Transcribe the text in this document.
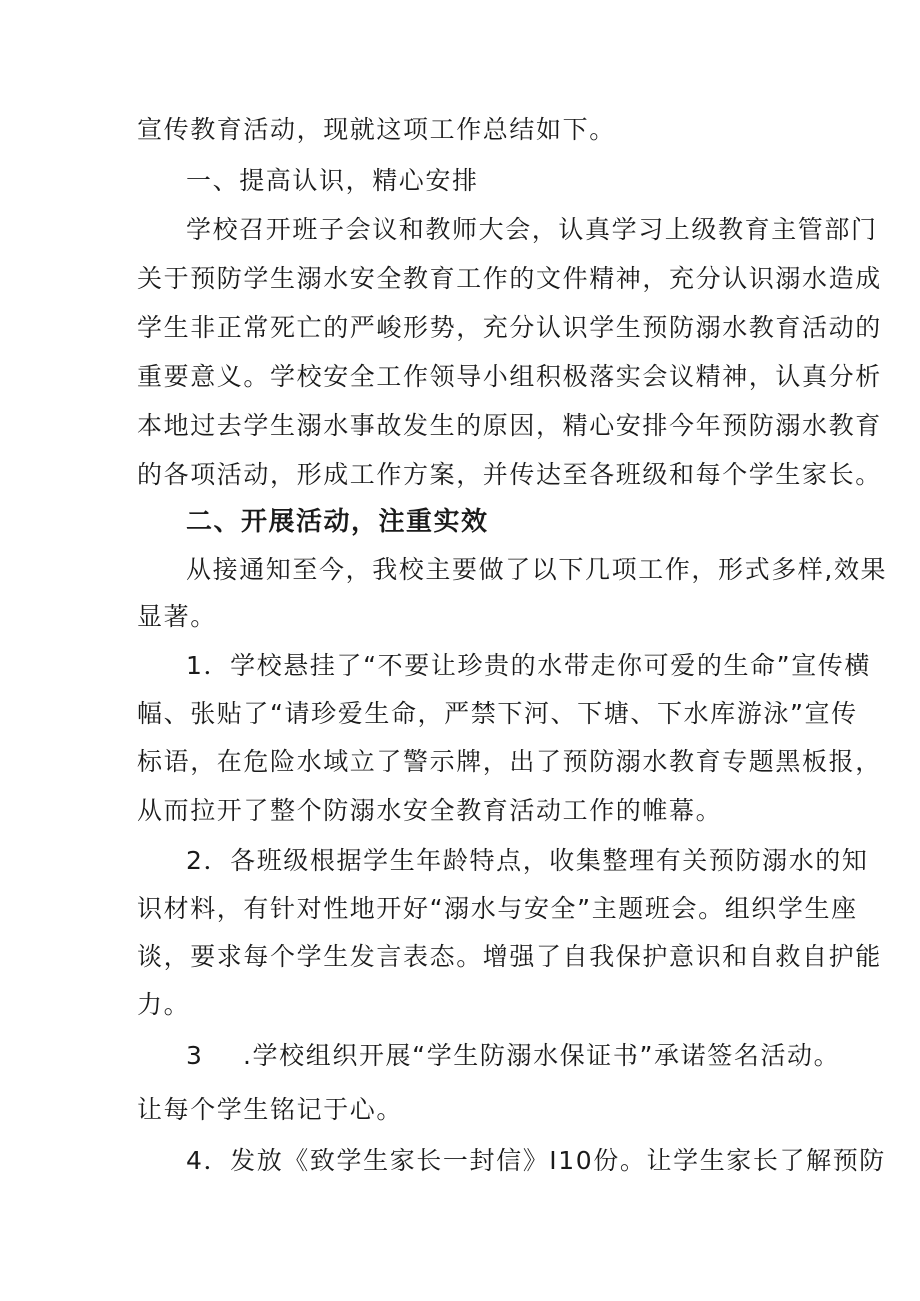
宣传教育活动，现就这项工作总结如下。
一、提高认识，精心安排
学校召开班子会议和教师大会，认真学习上级教育主管部门
关于预防学生溺水安全教育工作的文件精神，充分认识溺水造成
学生非正常死亡的严峻形势，充分认识学生预防溺水教育活动的
重要意义。学校安全工作领导小组积极落实会议精神，认真分析
本地过去学生溺水事故发生的原因，精心安排今年预防溺水教育
的各项活动，形成工作方案，并传达至各班级和每个学生家长。
二、开展活动，注重实效
从接通知至今，我校主要做了以下几项工作，形式多样,效果
显著。
1．学校悬挂了“不要让珍贵的水带走你可爱的生命”宣传横
幅、张贴了“请珍爱生命，严禁下河、下塘、下水库游泳”宣传
标语，在危险水域立了警示牌，出了预防溺水教育专题黑板报，
从而拉开了整个防溺水安全教育活动工作的帷幕。
2．各班级根据学生年龄特点，收集整理有关预防溺水的知
识材料，有针对性地开好“溺水与安全”主题班会。组织学生座
谈，要求每个学生发言表态。增强了自我保护意识和自救自护能
力。
3 .学校组织开展“学生防溺水保证书”承诺签名活动。
让每个学生铭记于心。
4．发放《致学生家长一封信》I10份。让学生家长了解预防
